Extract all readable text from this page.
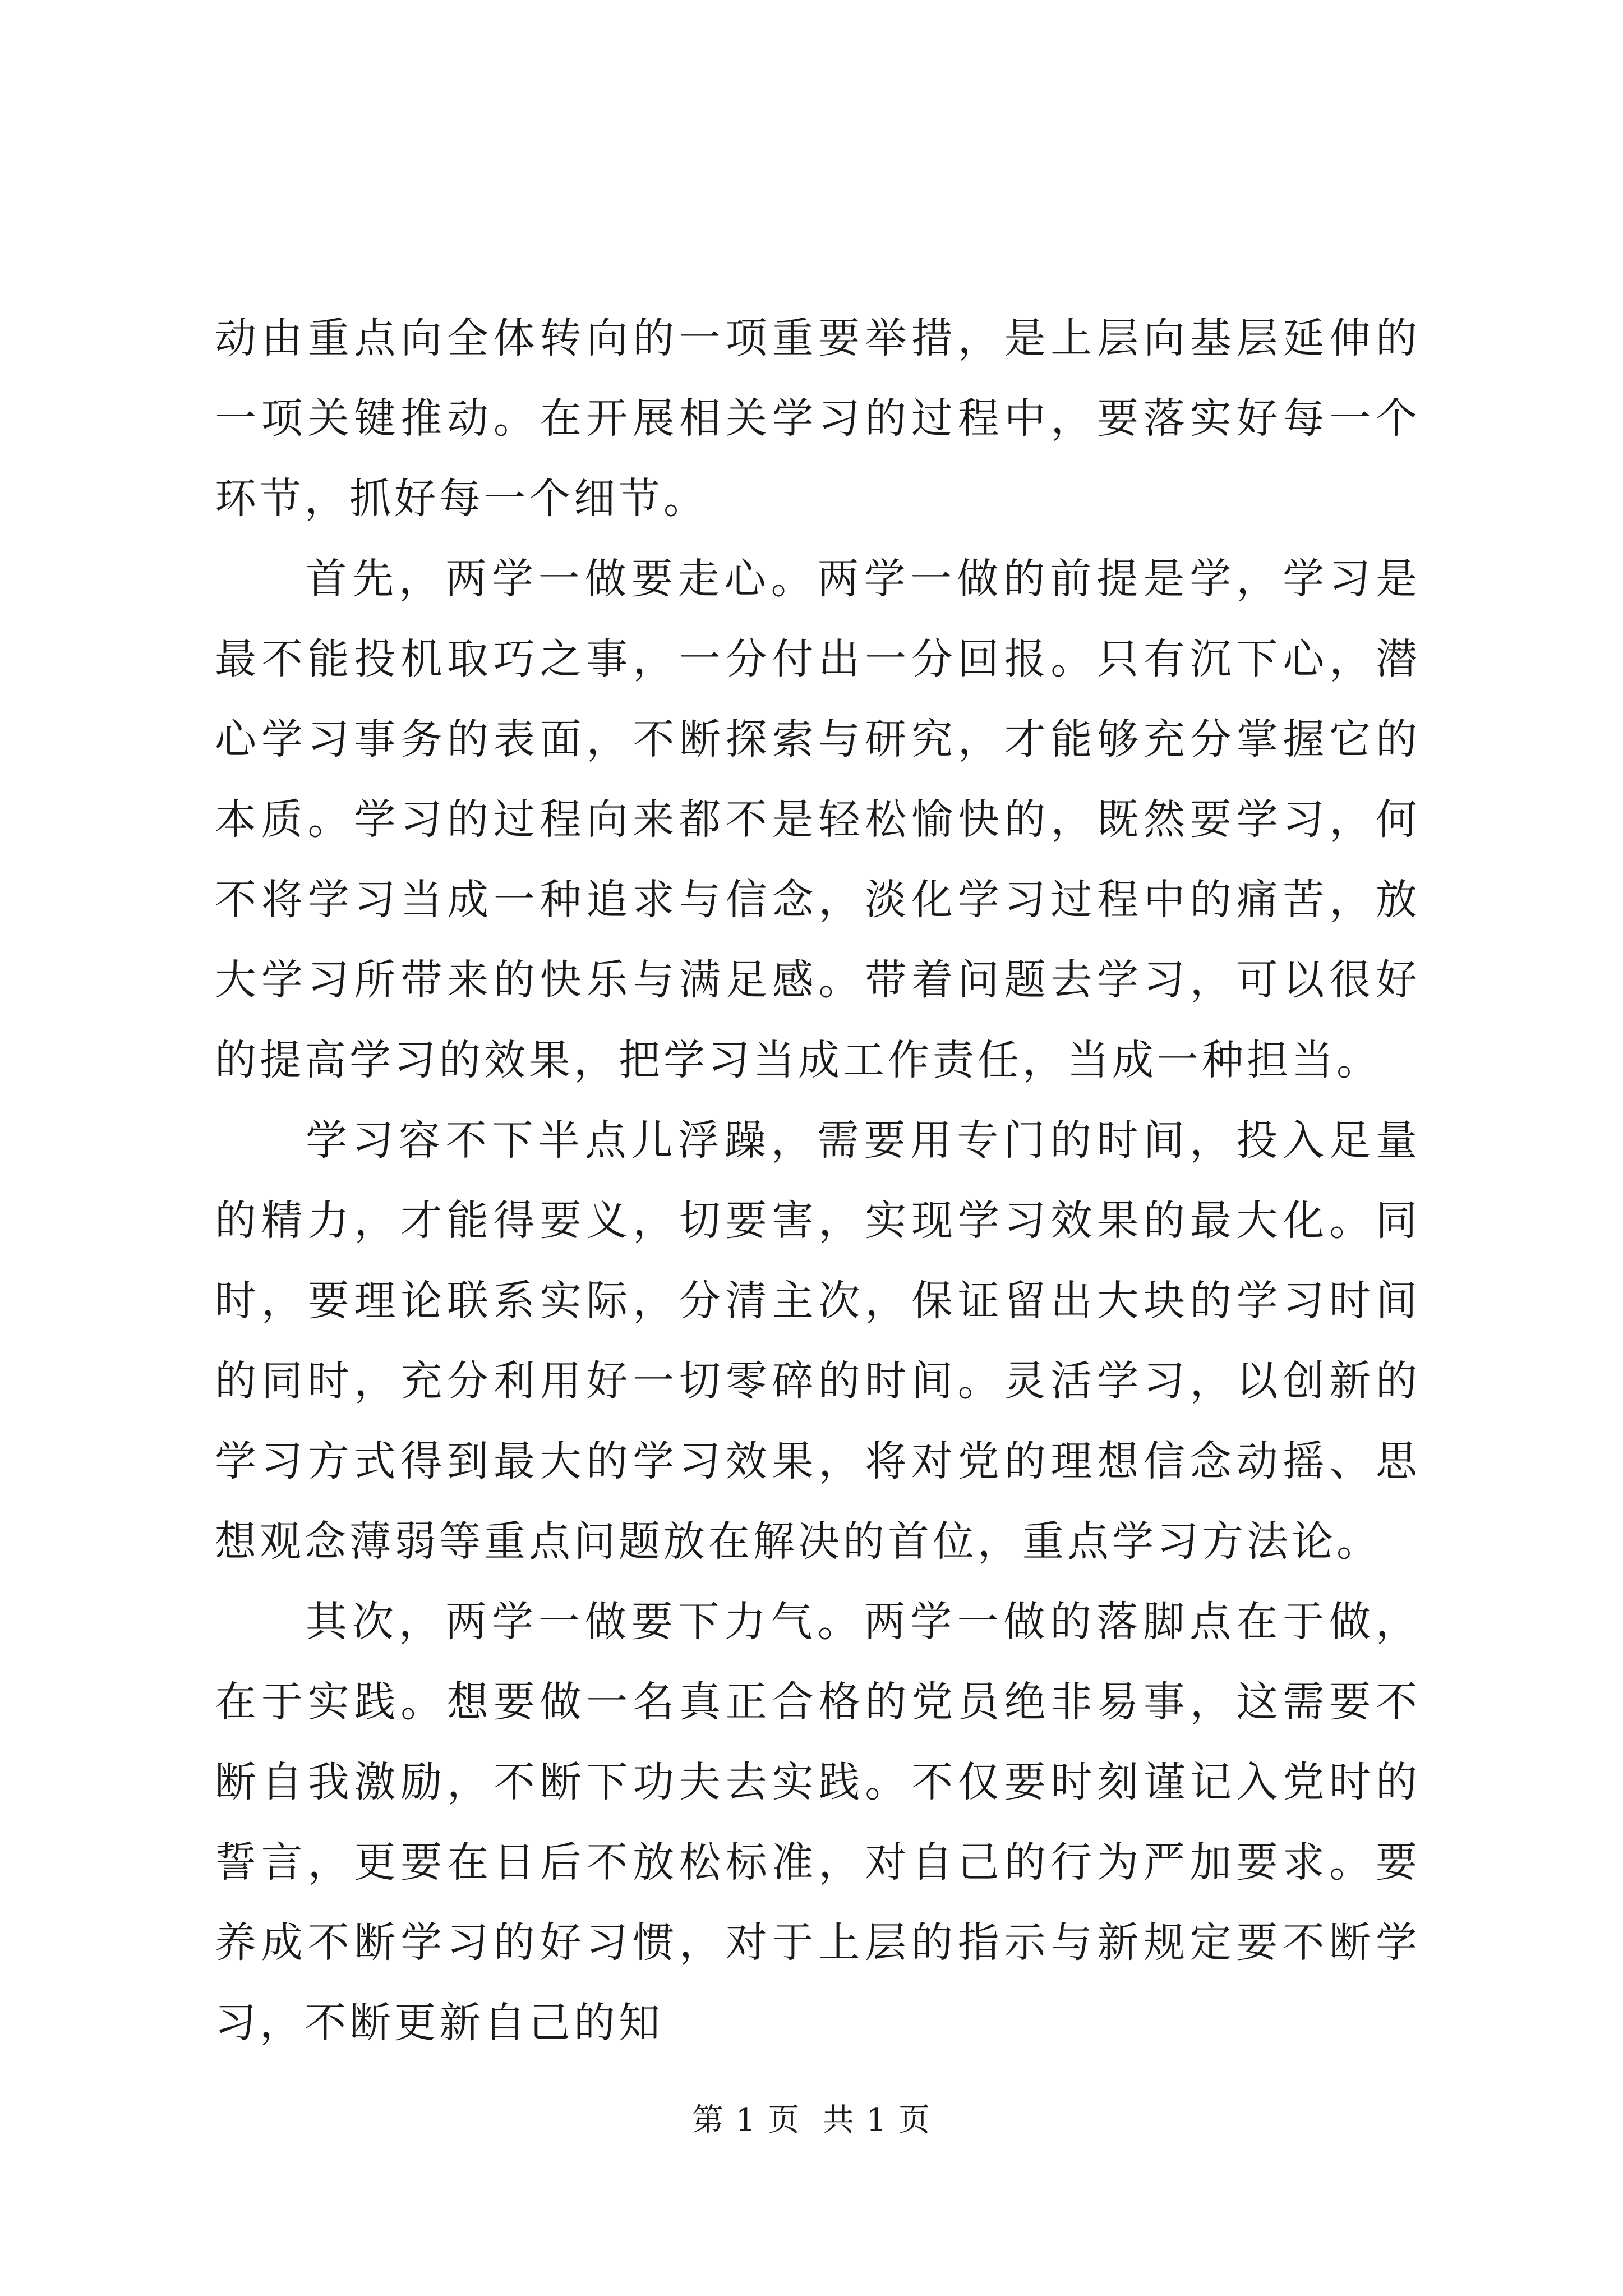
动由重点向全体转向的一项重要举措，是上层向基层延伸的一项关键推动。在开展相关学习的过程中，要落实好每一个环节，抓好每一个细节。

首先，两学一做要走心。两学一做的前提是学，学习是最不能投机取巧之事，一分付出一分回报。只有沉下心，潜心学习事务的表面，不断探索与研究，才能够充分掌握它的本质。学习的过程向来都不是轻松愉快的，既然要学习，何不将学习当成一种追求与信念，淡化学习过程中的痛苦，放大学习所带来的快乐与满足感。带着问题去学习，可以很好的提高学习的效果，把学习当成工作责任，当成一种担当。

学习容不下半点儿浮躁，需要用专门的时间，投入足量的精力，才能得要义，切要害，实现学习效果的最大化。同时，要理论联系实际，分清主次，保证留出大块的学习时间的同时，充分利用好一切零碎的时间。灵活学习，以创新的学习方式得到最大的学习效果，将对党的理想信念动摇、思想观念薄弱等重点问题放在解决的首位，重点学习方法论。

其次，两学一做要下力气。两学一做的落脚点在于做，在于实践。想要做一名真正合格的党员绝非易事，这需要不断自我激励，不断下功夫去实践。不仅要时刻谨记入党时的誓言，更要在日后不放松标准，对自己的行为严加要求。要养成不断学习的好习惯，对于上层的指示与新规定要不断学习，不断更新自己的知

第 1 页  共 1 页
